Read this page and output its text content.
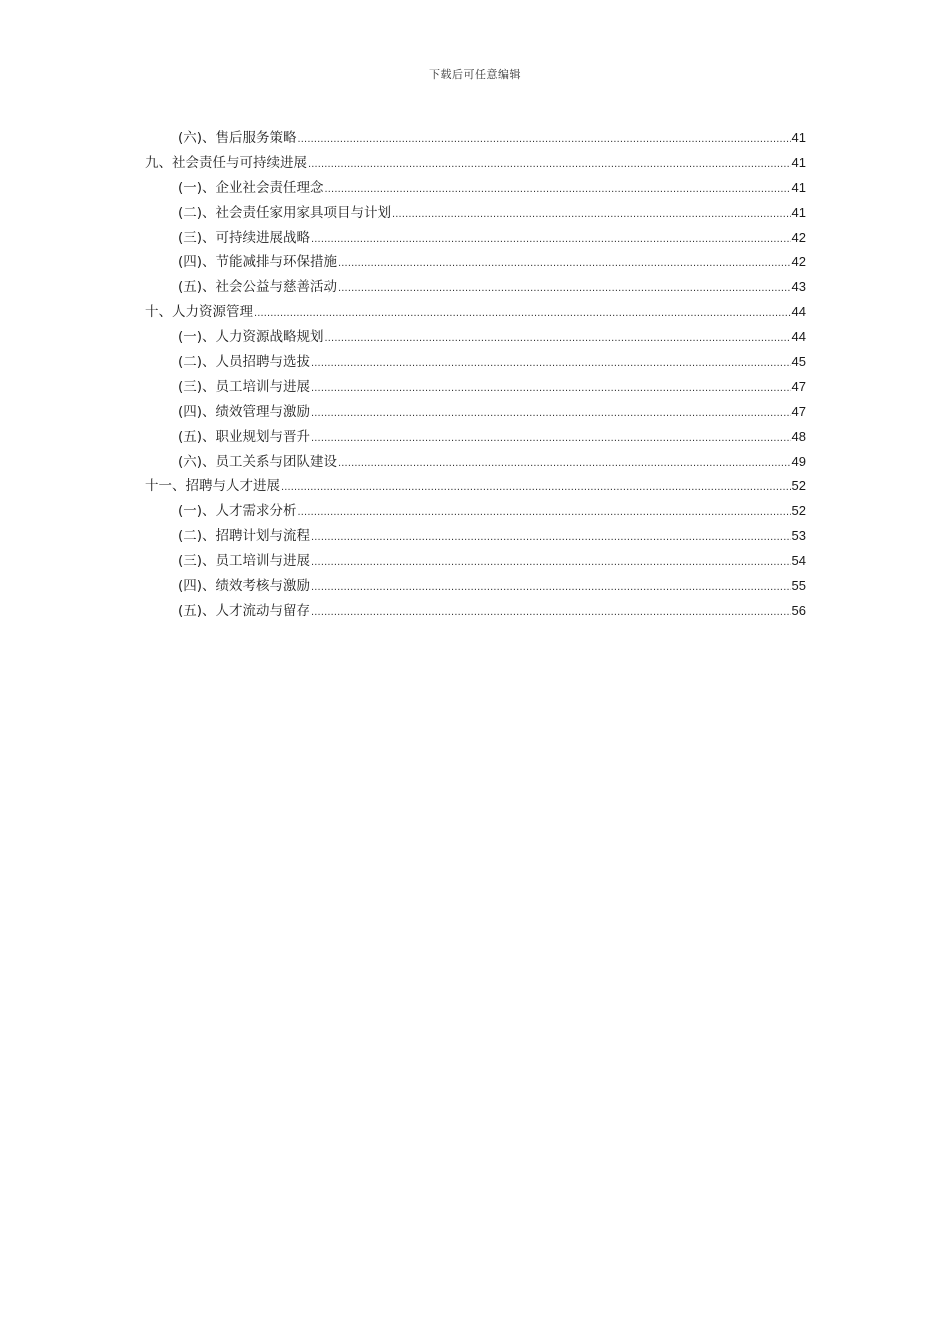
下载后可任意编辑
(六)、售后服务策略 .....	41
九、社会责任与可持续进展 .....	41
(一)、企业社会责任理念 .....	41
(二)、社会责任家用家具项目与计划 .....	41
(三)、可持续进展战略 .....	42
(四)、节能减排与环保措施 .....	42
(五)、社会公益与慈善活动 .....	43
十、人力资源管理 .....	44
(一)、人力资源战略规划 .....	44
(二)、人员招聘与选拔 .....	45
(三)、员工培训与进展 .....	47
(四)、绩效管理与激励 .....	47
(五)、职业规划与晋升 .....	48
(六)、员工关系与团队建设 .....	49
十一、招聘与人才进展 .....	52
(一)、人才需求分析 .....	52
(二)、招聘计划与流程 .....	53
(三)、员工培训与进展 .....	54
(四)、绩效考核与激励 .....	55
(五)、人才流动与留存 .....	56
